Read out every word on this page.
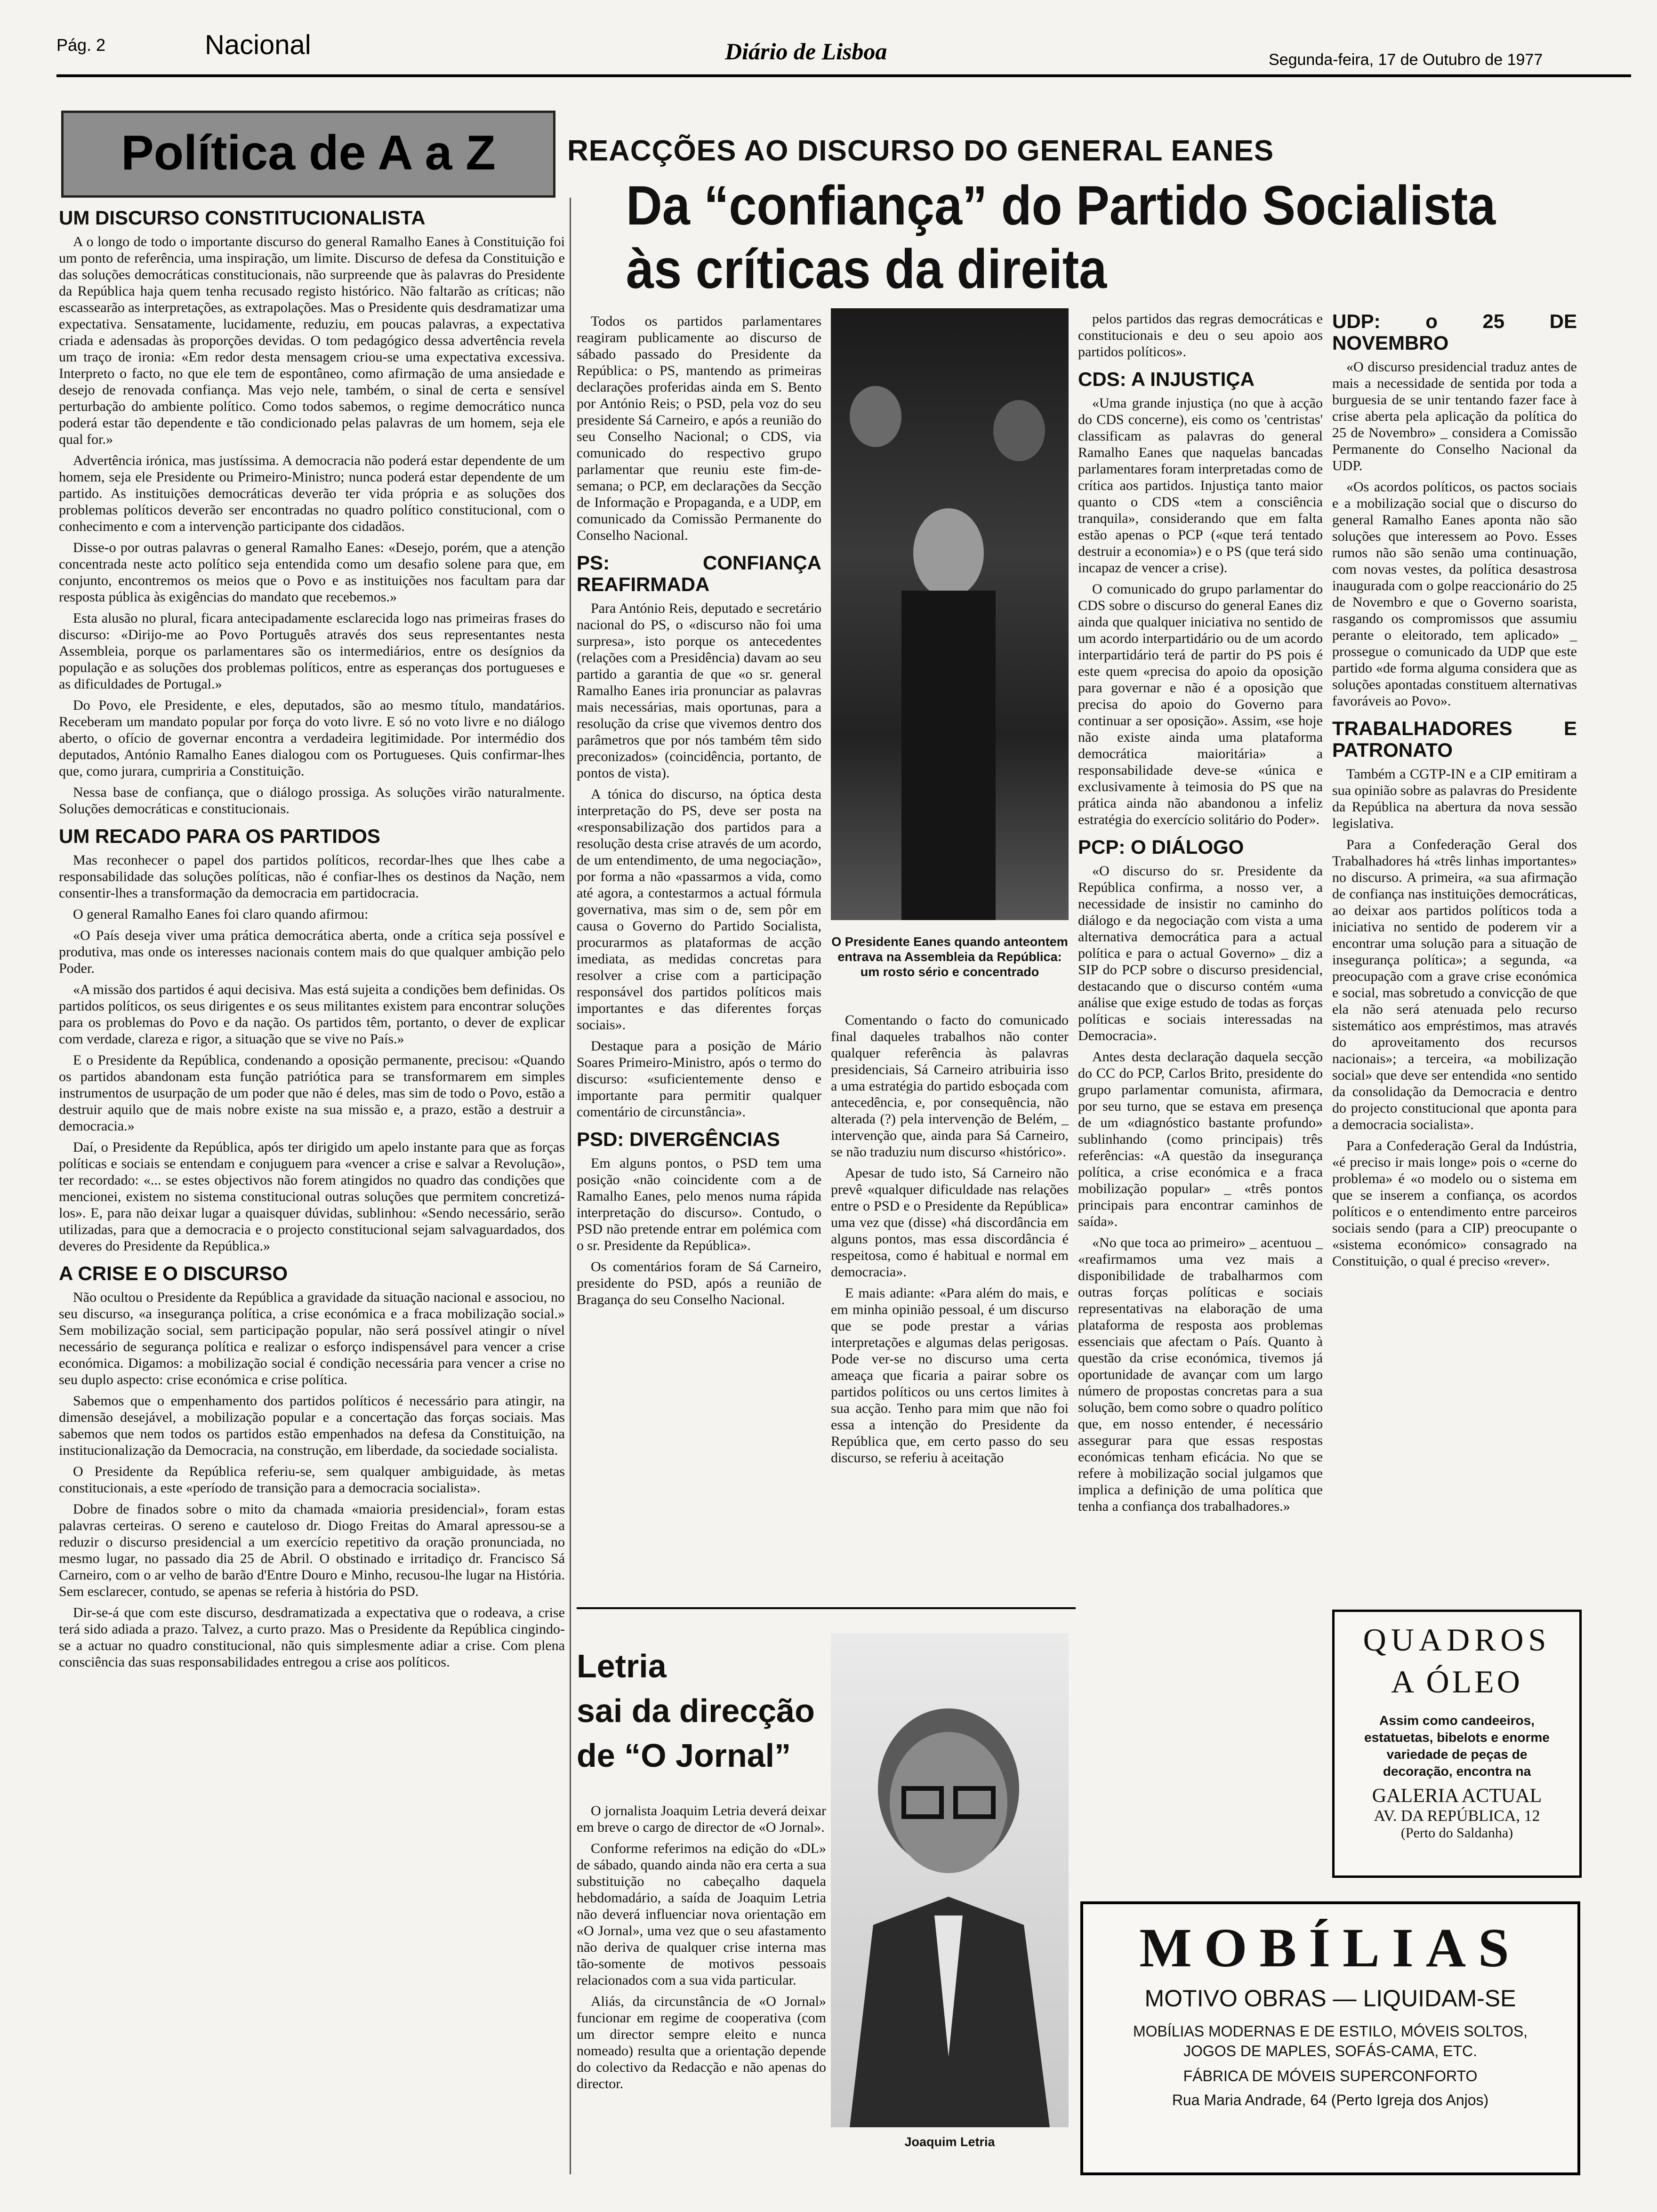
Pág. 2	Nacional	Diário de Lisboa	Segunda-feira, 17 de Outubro de 1977
Política de A a Z
UM DISCURSO CONSTITUCIONALISTA

A o longo de todo o importante discurso do general Ramalho Eanes à Constituição foi um ponto de referência, uma inspiração, um limite. Discurso de defesa da Constituição e das soluções democráticas constitucionais, não surpreende que às palavras do Presidente da República haja quem tenha recusado registo histórico. Não faltarão as críticas; não escassearão as interpretações, as extrapolações. Mas o Presidente quis desdramatizar uma expectativa. Sensatamente, lucidamente, reduziu, em poucas palavras, a expectativa criada e adensadas às proporções devidas. O tom pedagógico dessa advertência revela um traço de ironia: «Em redor desta mensagem criou-se uma expectativa excessiva. Interpreto o facto, no que ele tem de espontâneo, como afirmação de uma ansiedade e desejo de renovada confiança. Mas vejo nele, também, o sinal de certa e sensível perturbação do ambiente político. Como todos sabemos, o regime democrático nunca poderá estar tão dependente e tão condicionado pelas palavras de um homem, seja ele qual for.»

Advertência irónica, mas justíssima. A democracia não poderá estar dependente de um homem, seja ele Presidente ou Primeiro-Ministro; nunca poderá estar dependente de um partido. As instituições democráticas deverão ter vida própria e as soluções dos problemas políticos deverão ser encontradas no quadro político constitucional, com o conhecimento e com a intervenção participante dos cidadãos.

Disse-o por outras palavras o general Ramalho Eanes: «Desejo, porém, que a atenção concentrada neste acto político seja entendida como um desafio solene para que, em conjunto, encontremos os meios que o Povo e as instituições nos facultam para dar resposta pública às exigências do mandato que recebemos.»

Esta alusão no plural, ficara antecipadamente esclarecida logo nas primeiras frases do discurso: «Dirijo-me ao Povo Português através dos seus representantes nesta Assembleia, porque os parlamentares são os intermediários, entre os desígnios da população e as soluções dos problemas políticos, entre as esperanças dos portugueses e as dificuldades de Portugal.»

Do Povo, ele Presidente, e eles, deputados, são ao mesmo título, mandatários. Receberam um mandato popular por força do voto livre. E só no voto livre e no diálogo aberto, o ofício de governar encontra a verdadeira legitimidade. Por intermédio dos deputados, António Ramalho Eanes dialogou com os Portugueses. Quis confirmar-lhes que, como jurara, cumpriria a Constituição.

Nessa base de confiança, que o diálogo prossiga. As soluções virão naturalmente. Soluções democráticas e constitucionais.

UM RECADO PARA OS PARTIDOS

Mas reconhecer o papel dos partidos políticos, recordar-lhes que lhes cabe a responsabilidade das soluções políticas, não é confiar-lhes os destinos da Nação, nem consentir-lhes a transformação da democracia em partidocracia.

O general Ramalho Eanes foi claro quando afirmou:

«O País deseja viver uma prática democrática aberta, onde a crítica seja possível e produtiva, mas onde os interesses nacionais contem mais do que qualquer ambição pelo Poder.

«A missão dos partidos é aqui decisiva. Mas está sujeita a condições bem definidas. Os partidos políticos, os seus dirigentes e os seus militantes existem para encontrar soluções para os problemas do Povo e da nação. Os partidos têm, portanto, o dever de explicar com verdade, clareza e rigor, a situação que se vive no País.»

E o Presidente da República, condenando a oposição permanente, precisou: «Quando os partidos abandonam esta função patriótica para se transformarem em simples instrumentos de usurpação de um poder que não é deles, mas sim de todo o Povo, estão a destruir aquilo que de mais nobre existe na sua missão e, a prazo, estão a destruir a democracia.»

Daí, o Presidente da República, após ter dirigido um apelo instante para que as forças políticas e sociais se entendam e conjuguem para «vencer a crise e salvar a Revolução», ter recordado: «... se estes objectivos não forem atingidos no quadro das condições que mencionei, existem no sistema constitucional outras soluções que permitem concretizá-los». E, para não deixar lugar a quaisquer dúvidas, sublinhou: «Sendo necessário, serão utilizadas, para que a democracia e o projecto constitucional sejam salvaguardados, dos deveres do Presidente da República.»

A CRISE E O DISCURSO

Não ocultou o Presidente da República a gravidade da situação nacional e associou, no seu discurso, «a insegurança política, a crise económica e a fraca mobilização social.» Sem mobilização social, sem participação popular, não será possível atingir o nível necessário de segurança política e realizar o esforço indispensável para vencer a crise económica. Digamos: a mobilização social é condição necessária para vencer a crise no seu duplo aspecto: crise económica e crise política.

Sabemos que o empenhamento dos partidos políticos é necessário para atingir, na dimensão desejável, a mobilização popular e a concertação das forças sociais. Mas sabemos que nem todos os partidos estão empenhados na defesa da Constituição, na institucionalização da Democracia, na construção, em liberdade, da sociedade socialista.

O Presidente da República referiu-se, sem qualquer ambiguidade, às metas constitucionais, a este «período de transição para a democracia socialista».

Dobre de finados sobre o mito da chamada «maioria presidencial», foram estas palavras certeiras. O sereno e cauteloso dr. Diogo Freitas do Amaral apressou-se a reduzir o discurso presidencial a um exercício repetitivo da oração pronunciada, no mesmo lugar, no passado dia 25 de Abril. O obstinado e irritadiço dr. Francisco Sá Carneiro, com o ar velho de barão d'Entre Douro e Minho, recusou-lhe lugar na História. Sem esclarecer, contudo, se apenas se referia à história do PSD.

Dir-se-á que com este discurso, desdramatizada a expectativa que o rodeava, a crise terá sido adiada a prazo. Talvez, a curto prazo. Mas o Presidente da República cingindo-se a actuar no quadro constitucional, não quis simplesmente adiar a crise. Com plena consciência das suas responsabilidades entregou a crise aos políticos.

REACÇÕES AO DISCURSO DO GENERAL EANES
Da “confiança” do Partido Socialista
às críticas da direita

Todos os partidos parlamentares reagiram publicamente ao discurso de sábado passado do Presidente da República: o PS, mantendo as primeiras declarações proferidas ainda em S. Bento por António Reis; o PSD, pela voz do seu presidente Sá Carneiro, e após a reunião do seu Conselho Nacional; o CDS, via comunicado do respectivo grupo parlamentar que reuniu este fim-de-semana; o PCP, em declarações da Secção de Informação e Propaganda, e a UDP, em comunicado da Comissão Permanente do Conselho Nacional.

PS: CONFIANÇA REAFIRMADA

Para António Reis, deputado e secretário nacional do PS, o «discurso não foi uma surpresa», isto porque os antecedentes (relações com a Presidência) davam ao seu partido a garantia de que «o sr. general Ramalho Eanes iria pronunciar as palavras mais necessárias, mais oportunas, para a resolução da crise que vivemos dentro dos parâmetros que por nós também têm sido preconizados» (coincidência, portanto, de pontos de vista).

A tónica do discurso, na óptica desta interpretação do PS, deve ser posta na «responsabilização dos partidos para a resolução desta crise através de um acordo, de um entendimento, de uma negociação», por forma a não «passarmos a vida, como até agora, a contestarmos a actual fórmula governativa, mas sim o de, sem pôr em causa o Governo do Partido Socialista, procurarmos as plataformas de acção imediata, as medidas concretas para resolver a crise com a participação responsável dos partidos políticos mais importantes e das diferentes forças sociais».

Destaque para a posição de Mário Soares Primeiro-Ministro, após o termo do discurso: «suficientemente denso e importante para permitir qualquer comentário de circunstância».

PSD: DIVERGÊNCIAS

Em alguns pontos, o PSD tem uma posição «não coincidente com a de Ramalho Eanes, pelo menos numa rápida interpretação do discurso». Contudo, o PSD não pretende entrar em polémica com o sr. Presidente da República».

Os comentários foram de Sá Carneiro, presidente do PSD, após a reunião de Bragança do seu Conselho Nacional.

O Presidente Eanes quando anteontem entrava na Assembleia da República: um rosto sério e concentrado

Comentando o facto do comunicado final daqueles trabalhos não conter qualquer referência às palavras presidenciais, Sá Carneiro atribuiria isso a uma estratégia do partido esboçada com antecedência, e, por consequência, não alterada (?) pela intervenção de Belém, _ intervenção que, ainda para Sá Carneiro, se não traduziu num discurso «histórico».

Apesar de tudo isto, Sá Carneiro não prevê «qualquer dificuldade nas relações entre o PSD e o Presidente da República» uma vez que (disse) «há discordância em alguns pontos, mas essa discordância é respeitosa, como é habitual e normal em democracia».

E mais adiante: «Para além do mais, e em minha opinião pessoal, é um discurso que se pode prestar a várias interpretações e algumas delas perigosas. Pode ver-se no discurso uma certa ameaça que ficaria a pairar sobre os partidos políticos ou uns certos limites à sua acção. Tenho para mim que não foi essa a intenção do Presidente da República que, em certo passo do seu discurso, se referiu à aceitação

pelos partidos das regras democráticas e constitucionais e deu o seu apoio aos partidos políticos».

CDS: A INJUSTIÇA

«Uma grande injustiça (no que à acção do CDS concerne), eis como os 'centristas' classificam as palavras do general Ramalho Eanes que naquelas bancadas parlamentares foram interpretadas como de crítica aos partidos. Injustiça tanto maior quanto o CDS «tem a consciência tranquila», considerando que em falta estão apenas o PCP («que terá tentado destruir a economia») e o PS (que terá sido incapaz de vencer a crise).

O comunicado do grupo parlamentar do CDS sobre o discurso do general Eanes diz ainda que qualquer iniciativa no sentido de um acordo interpartidário ou de um acordo interpartidário terá de partir do PS pois é este quem «precisa do apoio da oposição para governar e não é a oposição que precisa do apoio do Governo para continuar a ser oposição». Assim, «se hoje não existe ainda uma plataforma democrática maioritária» a responsabilidade deve-se «única e exclusivamente à teimosia do PS que na prática ainda não abandonou a infeliz estratégia do exercício solitário do Poder».

PCP: O DIÁLOGO

«O discurso do sr. Presidente da República confirma, a nosso ver, a necessidade de insistir no caminho do diálogo e da negociação com vista a uma alternativa democrática para a actual política e para o actual Governo» _ diz a SIP do PCP sobre o discurso presidencial, destacando que o discurso contém «uma análise que exige estudo de todas as forças políticas e sociais interessadas na Democracia».

Antes desta declaração daquela secção do CC do PCP, Carlos Brito, presidente do grupo parlamentar comunista, afirmara, por seu turno, que se estava em presença de um «diagnóstico bastante profundo» sublinhando (como principais) três referências: «A questão da insegurança política, a crise económica e a fraca mobilização popular» _ «três pontos principais para encontrar caminhos de saída».

«No que toca ao primeiro» _ acentuou _ «reafirmamos uma vez mais a disponibilidade de trabalharmos com outras forças políticas e sociais representativas na elaboração de uma plataforma de resposta aos problemas essenciais que afectam o País. Quanto à questão da crise económica, tivemos já oportunidade de avançar com um largo número de propostas concretas para a sua solução, bem como sobre o quadro político que, em nosso entender, é necessário assegurar para que essas respostas económicas tenham eficácia. No que se refere à mobilização social julgamos que implica a definição de uma política que tenha a confiança dos trabalhadores.»

UDP: o 25 DE NOVEMBRO

«O discurso presidencial traduz antes de mais a necessidade de sentida por toda a burguesia de se unir tentando fazer face à crise aberta pela aplicação da política do 25 de Novembro» _ considera a Comissão Permanente do Conselho Nacional da UDP.

«Os acordos políticos, os pactos sociais e a mobilização social que o discurso do general Ramalho Eanes aponta não são soluções que interessem ao Povo. Esses rumos não são senão uma continuação, com novas vestes, da política desastrosa inaugurada com o golpe reaccionário do 25 de Novembro e que o Governo soarista, rasgando os compromissos que assumiu perante o eleitorado, tem aplicado» _ prossegue o comunicado da UDP que este partido «de forma alguma considera que as soluções apontadas constituem alternativas favoráveis ao Povo».

TRABALHADORES E PATRONATO

Também a CGTP-IN e a CIP emitiram a sua opinião sobre as palavras do Presidente da República na abertura da nova sessão legislativa.

Para a Confederação Geral dos Trabalhadores há «três linhas importantes» no discurso. A primeira, «a sua afirmação de confiança nas instituições democráticas, ao deixar aos partidos políticos toda a iniciativa no sentido de poderem vir a encontrar uma solução para a situação de insegurança política»; a segunda, «a preocupação com a grave crise económica e social, mas sobretudo a convicção de que ela não será atenuada pelo recurso sistemático aos empréstimos, mas através do aproveitamento dos recursos nacionais»; a terceira, «a mobilização social» que deve ser entendida «no sentido da consolidação da Democracia e dentro do projecto constitucional que aponta para a democracia socialista».

Para a Confederação Geral da Indústria, «é preciso ir mais longe» pois o «cerne do problema» é «o modelo ou o sistema em que se inserem a confiança, os acordos políticos e o entendimento entre parceiros sociais sendo (para a CIP) preocupante o «sistema económico» consagrado na Constituição, o qual é preciso «rever».

Letria
sai da direcção
de “O Jornal”

O jornalista Joaquim Letria deverá deixar em breve o cargo de director de «O Jornal».

Conforme referimos na edição do «DL» de sábado, quando ainda não era certa a sua substituição no cabeçalho daquela hebdomadário, a saída de Joaquim Letria não deverá influenciar nova orientação em «O Jornal», uma vez que o seu afastamento não deriva de qualquer crise interna mas tão-somente de motivos pessoais relacionados com a sua vida particular.

Aliás, da circunstância de «O Jornal» funcionar em regime de cooperativa (com um director sempre eleito e nunca nomeado) resulta que a orientação depende do colectivo da Redacção e não apenas do director.

Joaquim Letria
QUADROS
A ÓLEO
Assim como candeeiros, estatuetas, bibelots e enorme variedade de peças de decoração, encontra na
GALERIA ACTUAL
AV. DA REPÚBLICA, 12
(Perto do Saldanha)
MOBÍLIAS
MOTIVO OBRAS — LIQUIDAM-SE
MOBÍLIAS MODERNAS E DE ESTILO, MÓVEIS SOLTOS, JOGOS DE MAPLES, SOFÁS-CAMA, ETC.
FÁBRICA DE MÓVEIS SUPERCONFORTO
Rua Maria Andrade, 64 (Perto Igreja dos Anjos)
